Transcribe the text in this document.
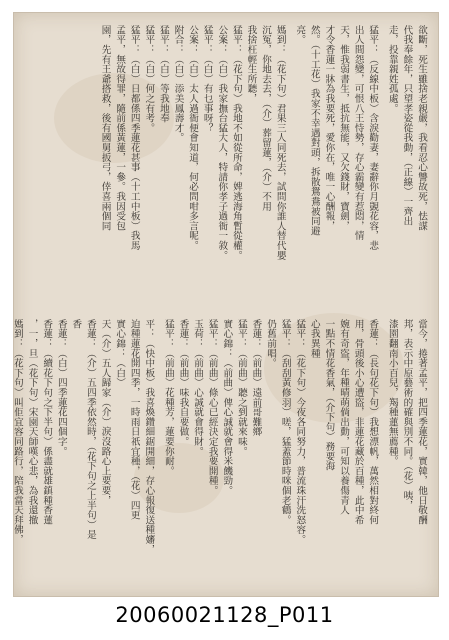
欲斷，死生雖捨老親嚴，我看忍心讐故死，怯謀
代我奉餘年，只望孝姿從我動，（正線）一齊出
走，投靠親姓孤處。
猛平：（反線中板）含淚勸妻，妻辭你月覬花容，悲
出人間怨變，可恨八王恃勢，存心霸變有惹悶，情
天，惟我弱書生，抵抗無能，又欠錢財，寶劍，
才令香蓮一牀為我要死，愛你在，唯一心酬報，
然。（十工花）我家不幸遇對頭，拆散鴛鴦被同避
亮。
媽到：（花下句）君果三人同死去，試問你誰人替代嬰
沉冤，你地去去，（介）葬留蓮，（介）不用
我捨枉輕生所聽，
猛平：（花下句）我地不如從所命，婢逃海角暫從權。
公案：（白）我家撫台猛大人，特請你孝子過衙一敘。
猛平：（白）有乜事呀？
公案：（白）太人過衙便會知道，何必問咁多言呢。
附合：（白）添美鳳壽才。
猛平：（白）等我地奉
猛平：（白）何之有考。
猛平：（白）日都係四季蓮花甚事（十工中板）我馬
孟平，無故得罪，隨前係黃蓮，一參。我因受包
園，先有王爺搭救，後有國舅扳弓，倖喜兩個同
當今，捲著孟平，把四季蓮花，實韓，他日敬酬
邦，表示中原藝術的確與別不同。（花）咦，
漆園翻南小百兒，羯種蓮無薦種。
香蓮：（長句花下句）我想漂帆，萬然相對終何
用，骨頭後小心遭盜，非蓮花藏於百種，此中希
婉有奇盜，年種晴萌倘出動，可知以養傷青人
一點不情花香氣，（介下句）務要海
心我異種
猛平：（花下句）今夜各同努力，普流珠汗洗怒容。
猛平：（刮刮黃修羽）嗟，猛蓋節時咪個老鶴。
仍舊前唱。
香蓮：（前曲）遠前哥難鄉
猛平：（前曲）聽之到就來味。
實心錦：（前曲）俾心誠就會得米饑勁。
猛平：（前曲）條心已經決定我要開種。
玉荷：（前曲）心誠就會得財。
香蓮：（前曲）味我自要做。
猛平：（前曲）花種芳，蓮要你耐。
平：（快中板）我喜煥鑽細鋸開細，存心報復送種嬸，
迫種蓮花開四季，一時雨日祇宜種，（花）四更
實心錦：（白）
天（介）五人歸家（介）淚沒路心上要要，
香蓮：（介）五四季依然時，（花下句之上半句）是
香
香蓮：（白）四季蓮花四個字。
香蓮：（續花下句之下半句）係盡就雄鎮種香蓮
，一，旦（花下句）宋園天師嘆心悲，為我還撤
媽到：（花下句）叫佢宜容同路行，陪我當天拜佛，
20060021128_P011
